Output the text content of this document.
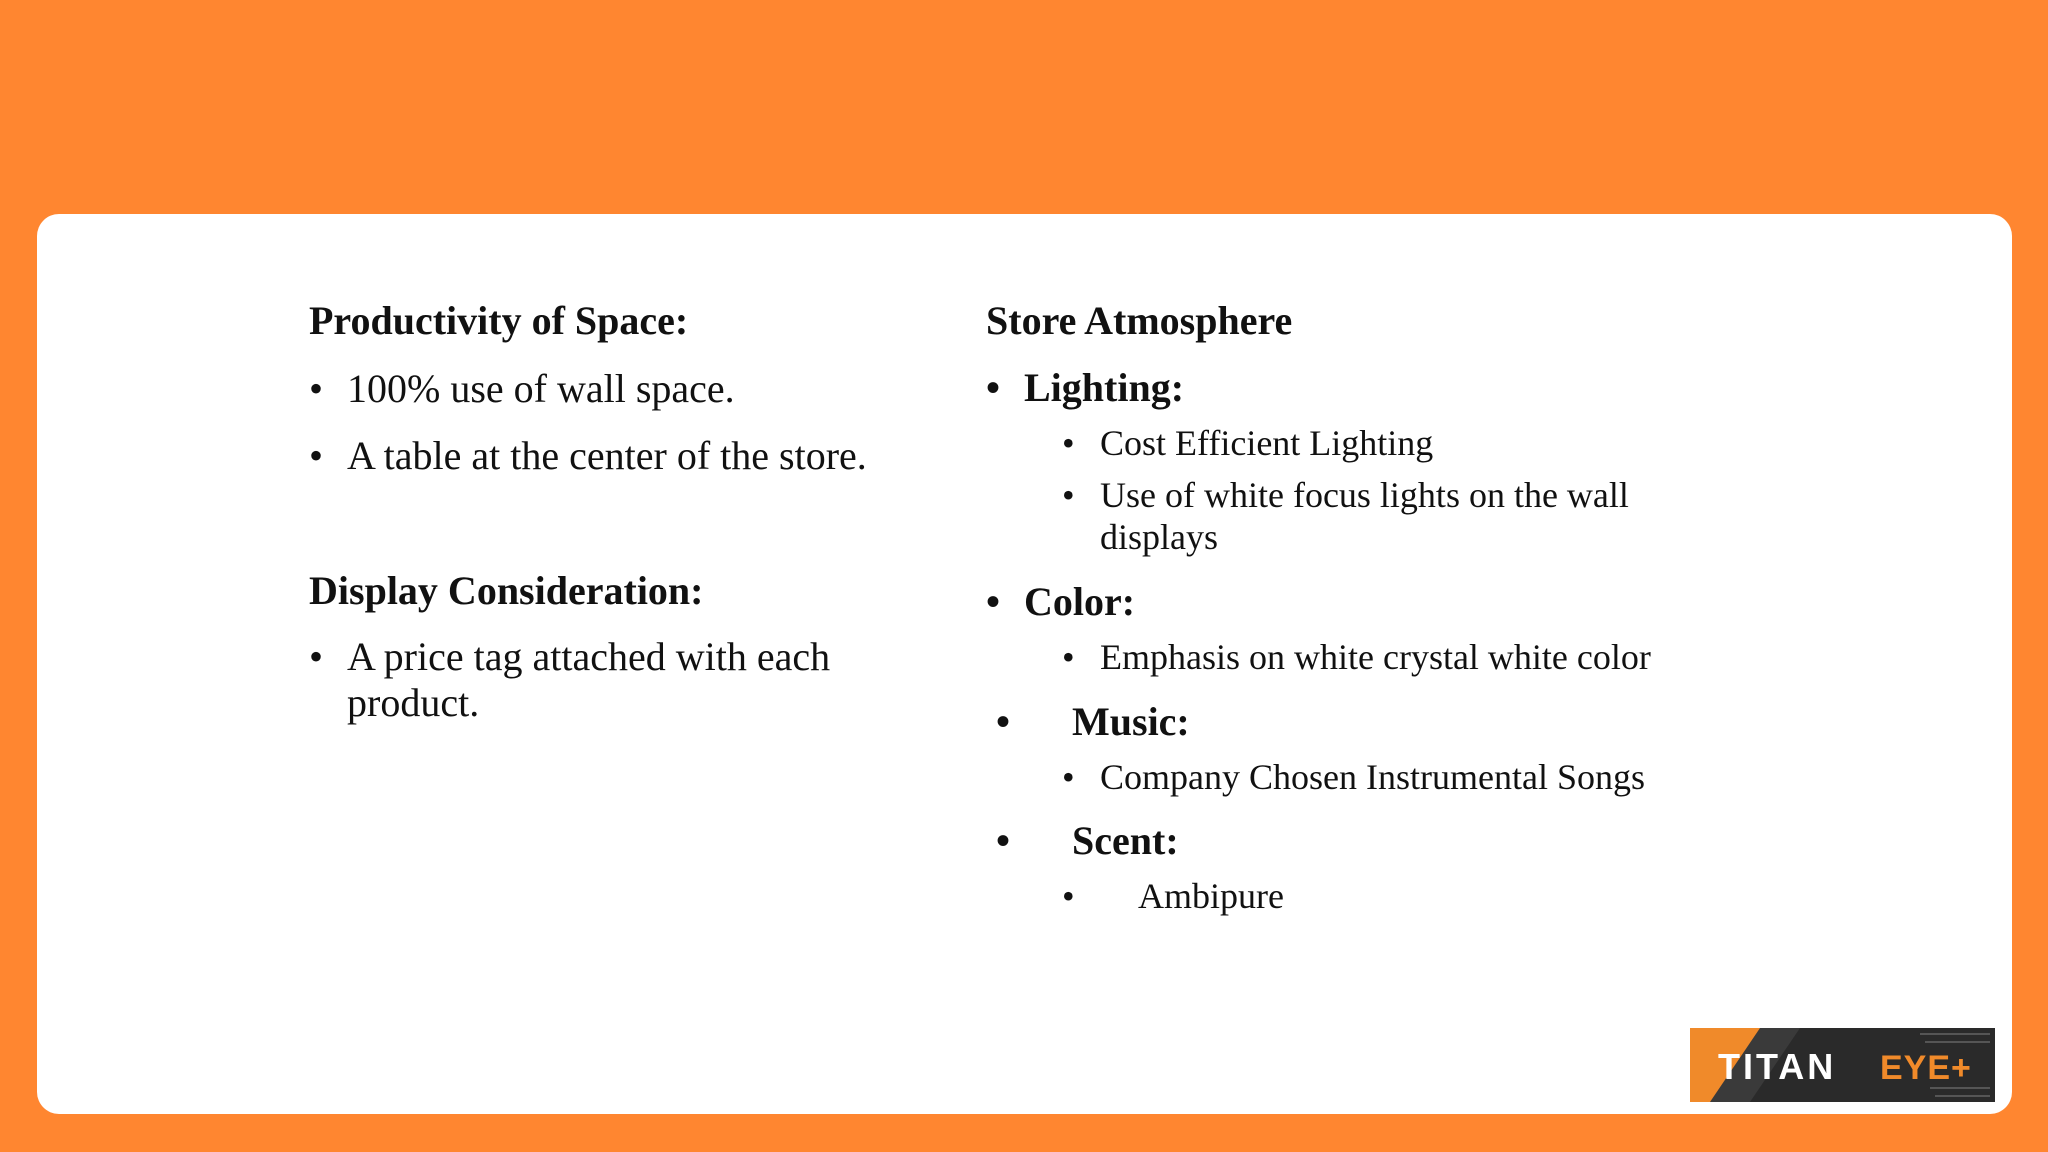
Productivity of Space:
• 100% use of wall space.
• A table at the center of the store.
Display Consideration:
• A price tag attached with each product.
Store Atmosphere
• Lighting:
• Cost Efficient Lighting
• Use of white focus lights on the wall displays
• Color:
• Emphasis on white crystal white color
• Music:
• Company Chosen Instrumental Songs
• Scent:
• Ambipure
TITAN EYE+
